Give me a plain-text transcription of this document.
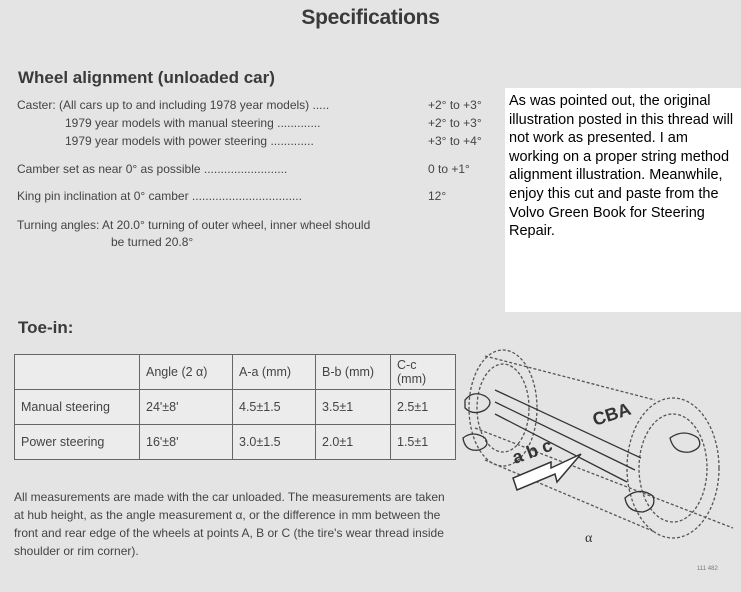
Specifications
Wheel alignment (unloaded car)
Caster: (All cars up to and including 1978 year models) .....	+2° to +3°
1979 year models with manual steering .............	+2° to +3°
1979 year models with power steering .............	+3° to +4°
Camber set as near 0° as possible .........................	0 to +1°
King pin inclination at 0° camber .................................	12°
Turning angles: At 20.0° turning of outer wheel, inner wheel should
be turned 20.8°
As was pointed out, the original illustration posted in this thread will not work as presented. I am working on a proper string method alignment illustration. Meanwhile, enjoy this cut and paste from the Volvo Green Book for Steering Repair.
Toe-in:
	Angle (2 α)	A-a (mm)	B-b (mm)	C-c (mm)
Manual steering	24'±8'	4.5±1.5	3.5±1	2.5±1
Power steering	16'±8'	3.0±1.5	2.0±1	1.5±1
All measurements are made with the car unloaded. The measurements are taken at hub height, as the angle measurement α, or the difference in mm between the front and rear edge of the wheels at points A, B or C (the tire's wear thread inside shoulder or rim corner).
CBA
a b c
α
111 482
